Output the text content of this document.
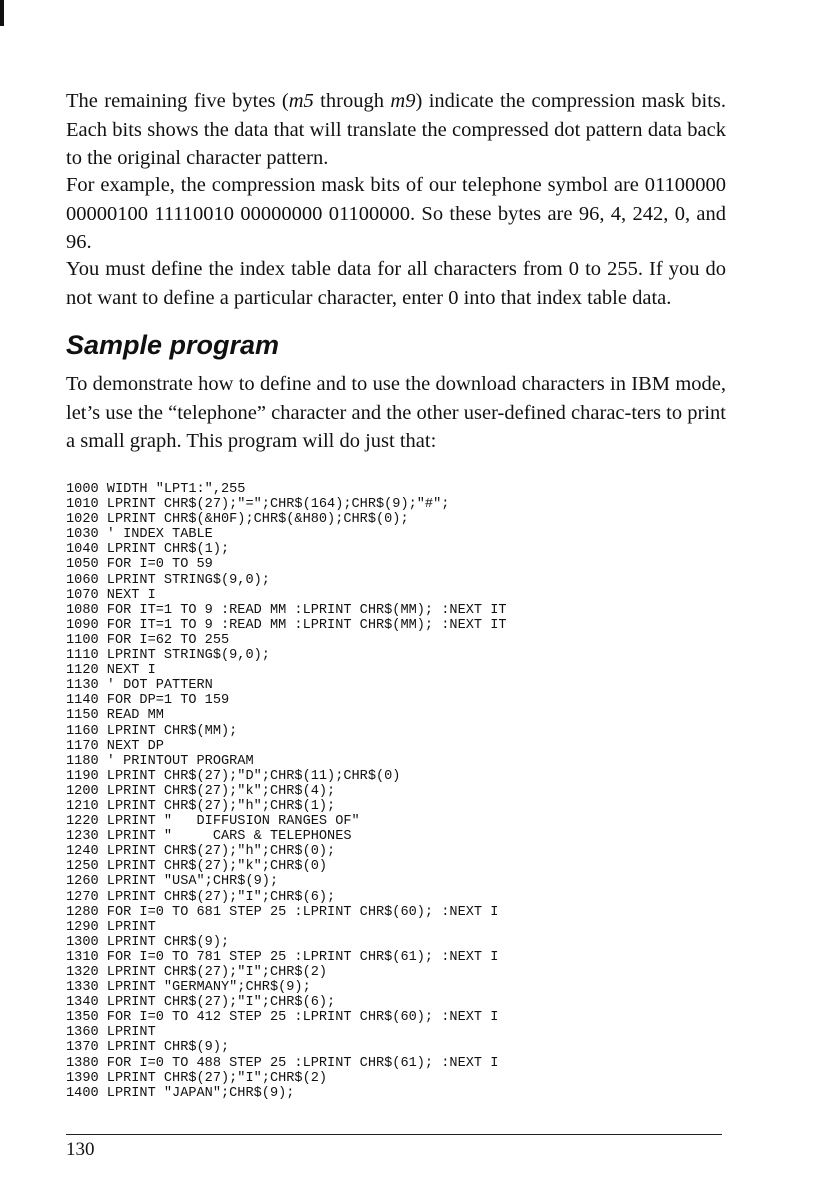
The remaining five bytes (m5 through m9) indicate the compression mask bits. Each bits shows the data that will translate the compressed dot pattern data back to the original character pattern.

For example, the compression mask bits of our telephone symbol are 01100000 00000100 11110010 00000000 01100000. So these bytes are 96, 4, 242, 0, and 96.

You must define the index table data for all characters from 0 to 255. If you do not want to define a particular character, enter 0 into that index table data.

Sample program

To demonstrate how to define and to use the download characters in IBM mode, let’s use the “telephone” character and the other user-defined charac-ters to print a small graph. This program will do just that:

1000 WIDTH "LPT1:",255
1010 LPRINT CHR$(27);"=";CHR$(164);CHR$(9);"#";
1020 LPRINT CHR$(&H0F);CHR$(&H80);CHR$(0);
1030 ' INDEX TABLE
1040 LPRINT CHR$(1);
1050 FOR I=0 TO 59
1060 LPRINT STRING$(9,0);
1070 NEXT I
1080 FOR IT=1 TO 9 :READ MM :LPRINT CHR$(MM); :NEXT IT
1090 FOR IT=1 TO 9 :READ MM :LPRINT CHR$(MM); :NEXT IT
1100 FOR I=62 TO 255
1110 LPRINT STRING$(9,0);
1120 NEXT I
1130 ' DOT PATTERN
1140 FOR DP=1 TO 159
1150 READ MM
1160 LPRINT CHR$(MM);
1170 NEXT DP
1180 ' PRINTOUT PROGRAM
1190 LPRINT CHR$(27);"D";CHR$(11);CHR$(0)
1200 LPRINT CHR$(27);"k";CHR$(4);
1210 LPRINT CHR$(27);"h";CHR$(1);
1220 LPRINT "   DIFFUSION RANGES OF"
1230 LPRINT "     CARS & TELEPHONES
1240 LPRINT CHR$(27);"h";CHR$(0);
1250 LPRINT CHR$(27);"k";CHR$(0)
1260 LPRINT "USA";CHR$(9);
1270 LPRINT CHR$(27);"I";CHR$(6);
1280 FOR I=0 TO 681 STEP 25 :LPRINT CHR$(60); :NEXT I
1290 LPRINT
1300 LPRINT CHR$(9);
1310 FOR I=0 TO 781 STEP 25 :LPRINT CHR$(61); :NEXT I
1320 LPRINT CHR$(27);"I";CHR$(2)
1330 LPRINT "GERMANY";CHR$(9);
1340 LPRINT CHR$(27);"I";CHR$(6);
1350 FOR I=0 TO 412 STEP 25 :LPRINT CHR$(60); :NEXT I
1360 LPRINT
1370 LPRINT CHR$(9);
1380 FOR I=0 TO 488 STEP 25 :LPRINT CHR$(61); :NEXT I
1390 LPRINT CHR$(27);"I";CHR$(2)
1400 LPRINT "JAPAN";CHR$(9);
130
